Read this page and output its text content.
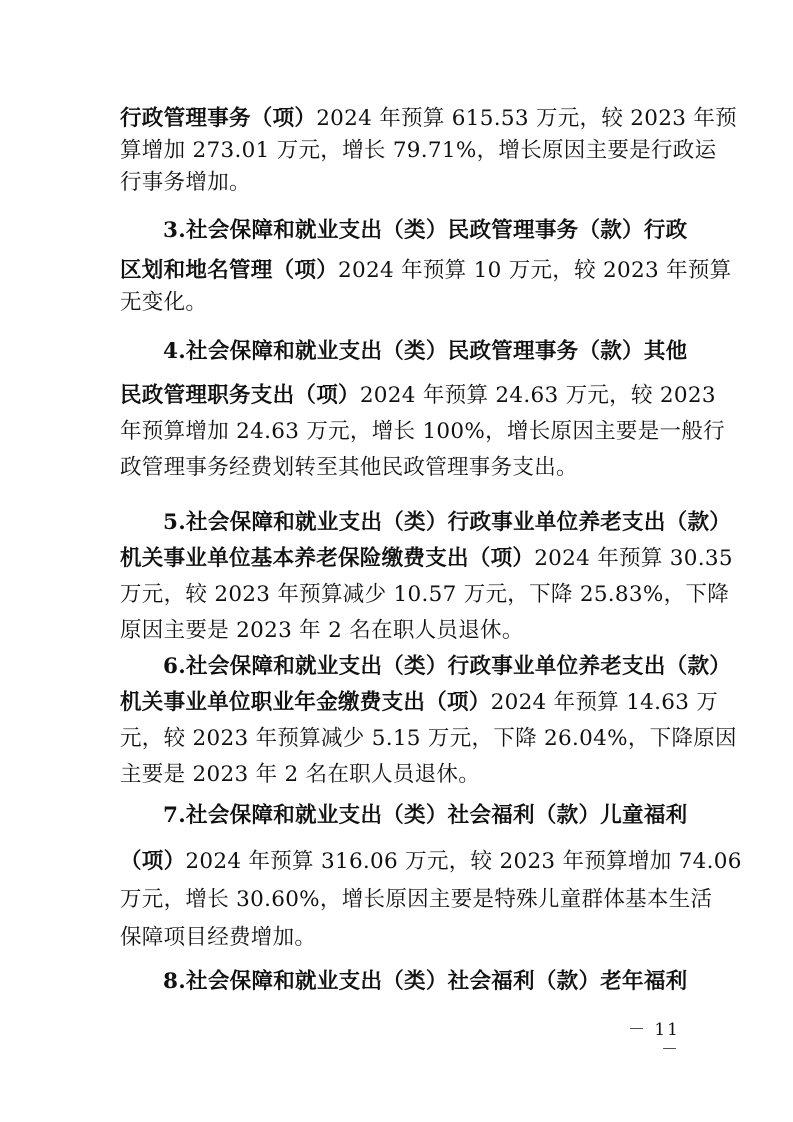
行政管理事务（项）2024 年预算 615.53 万元，较 2023 年预
算增加 273.01 万元，增长 79.71%，增长原因主要是行政运
行事务增加。
3.社会保障和就业支出（类）民政管理事务（款）行政
区划和地名管理（项）2024 年预算 10 万元，较 2023 年预算
无变化。
4.社会保障和就业支出（类）民政管理事务（款）其他
民政管理职务支出（项）2024 年预算 24.63 万元，较 2023
年预算增加 24.63 万元，增长 100%，增长原因主要是一般行
政管理事务经费划转至其他民政管理事务支出。
5.社会保障和就业支出（类）行政事业单位养老支出（款）
机关事业单位基本养老保险缴费支出（项）2024 年预算 30.35
万元，较 2023 年预算减少 10.57 万元，下降 25.83%，下降
原因主要是 2023 年 2 名在职人员退休。
6.社会保障和就业支出（类）行政事业单位养老支出（款）
机关事业单位职业年金缴费支出（项）2024 年预算 14.63 万
元，较 2023 年预算减少 5.15 万元，下降 26.04%，下降原因
主要是 2023 年 2 名在职人员退休。
7.社会保障和就业支出（类）社会福利（款）儿童福利
（项）2024 年预算 316.06 万元，较 2023 年预算增加 74.06
万元，增长 30.60%，增长原因主要是特殊儿童群体基本生活
保障项目经费增加。
8.社会保障和就业支出（类）社会福利（款）老年福利
－ 11 －
